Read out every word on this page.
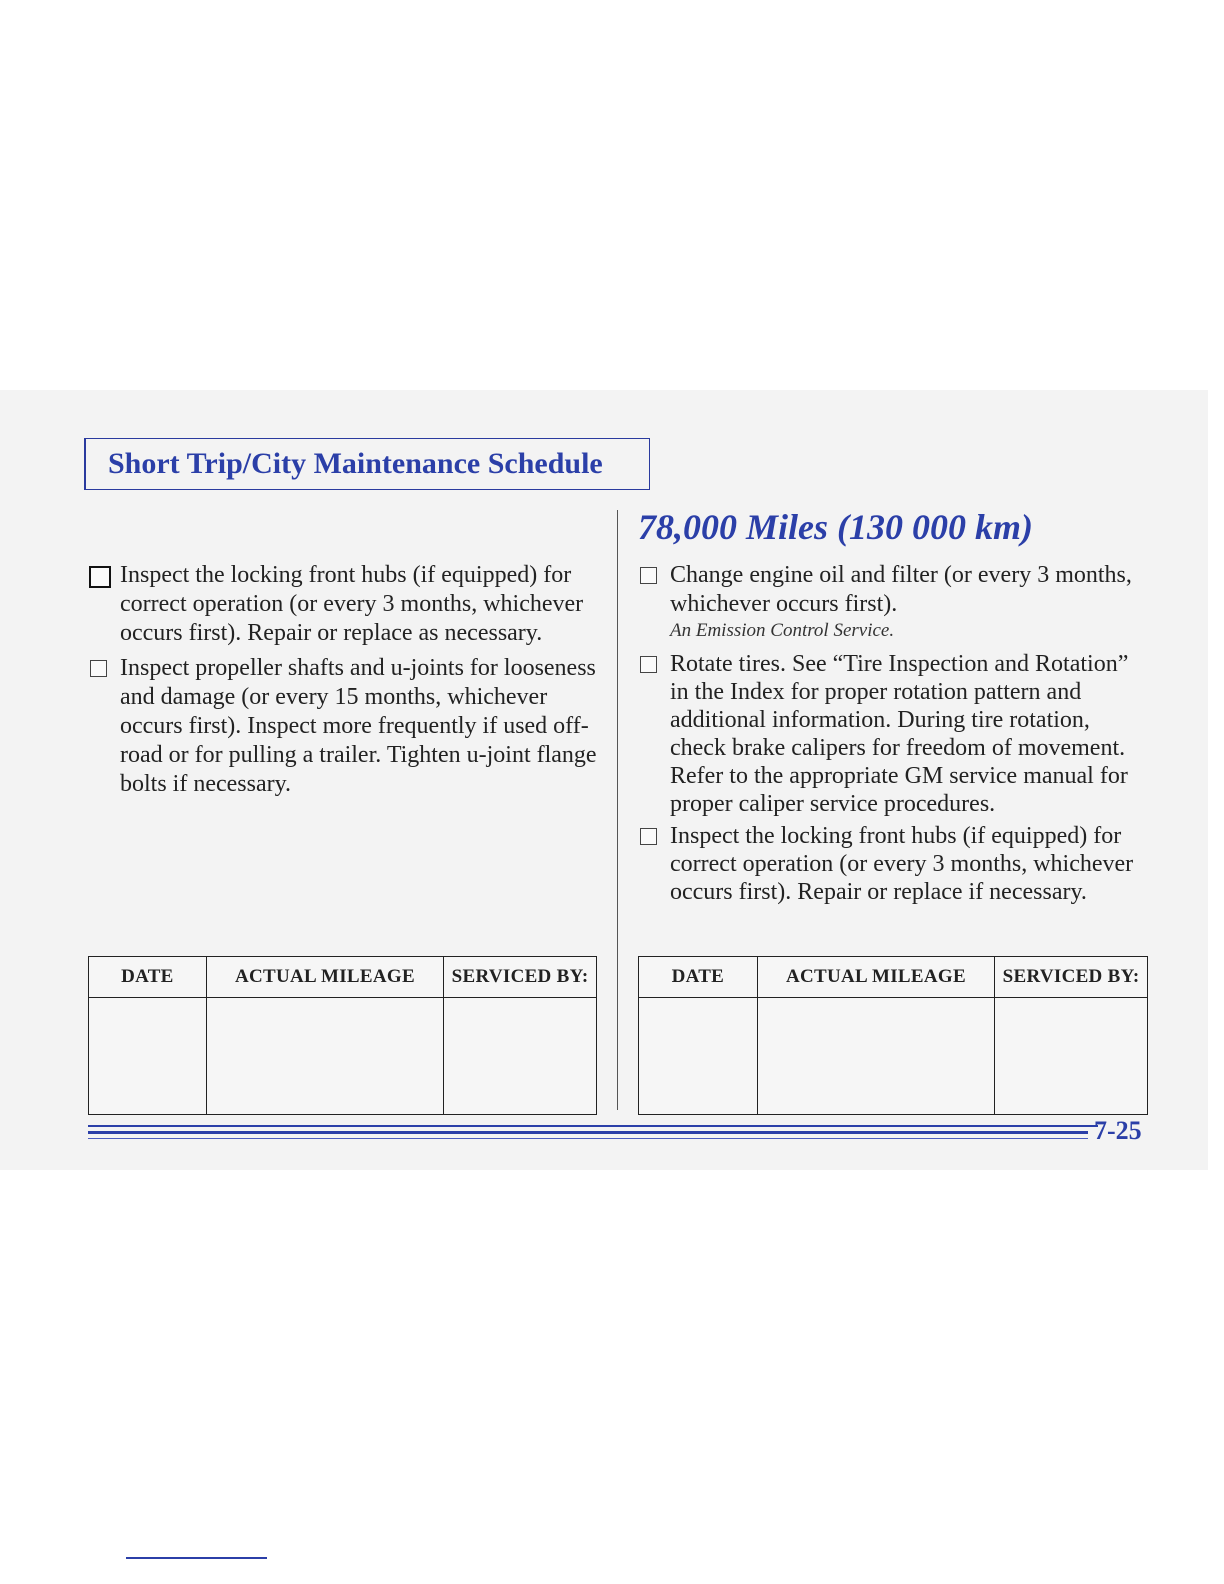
Short Trip/City Maintenance Schedule
Inspect the locking front hubs (if equipped) for correct operation (or every 3 months, whichever occurs first). Repair or replace as necessary.
Inspect propeller shafts and u-joints for looseness and damage (or every 15 months, whichever occurs first). Inspect more frequently if used off-road or for pulling a trailer. Tighten u-joint flange bolts if necessary.
DATE	ACTUAL MILEAGE	SERVICED BY:

78,000 Miles (130 000 km)
Change engine oil and filter (or every 3 months, whichever occurs first).
An Emission Control Service.
Rotate tires. See “Tire Inspection and Rotation” in the Index for proper rotation pattern and additional information. During tire rotation, check brake calipers for freedom of movement. Refer to the appropriate GM service manual for proper caliper service procedures.
Inspect the locking front hubs (if equipped) for correct operation (or every 3 months, whichever occurs first). Repair or replace if necessary.
DATE	ACTUAL MILEAGE	SERVICED BY:

7-25
